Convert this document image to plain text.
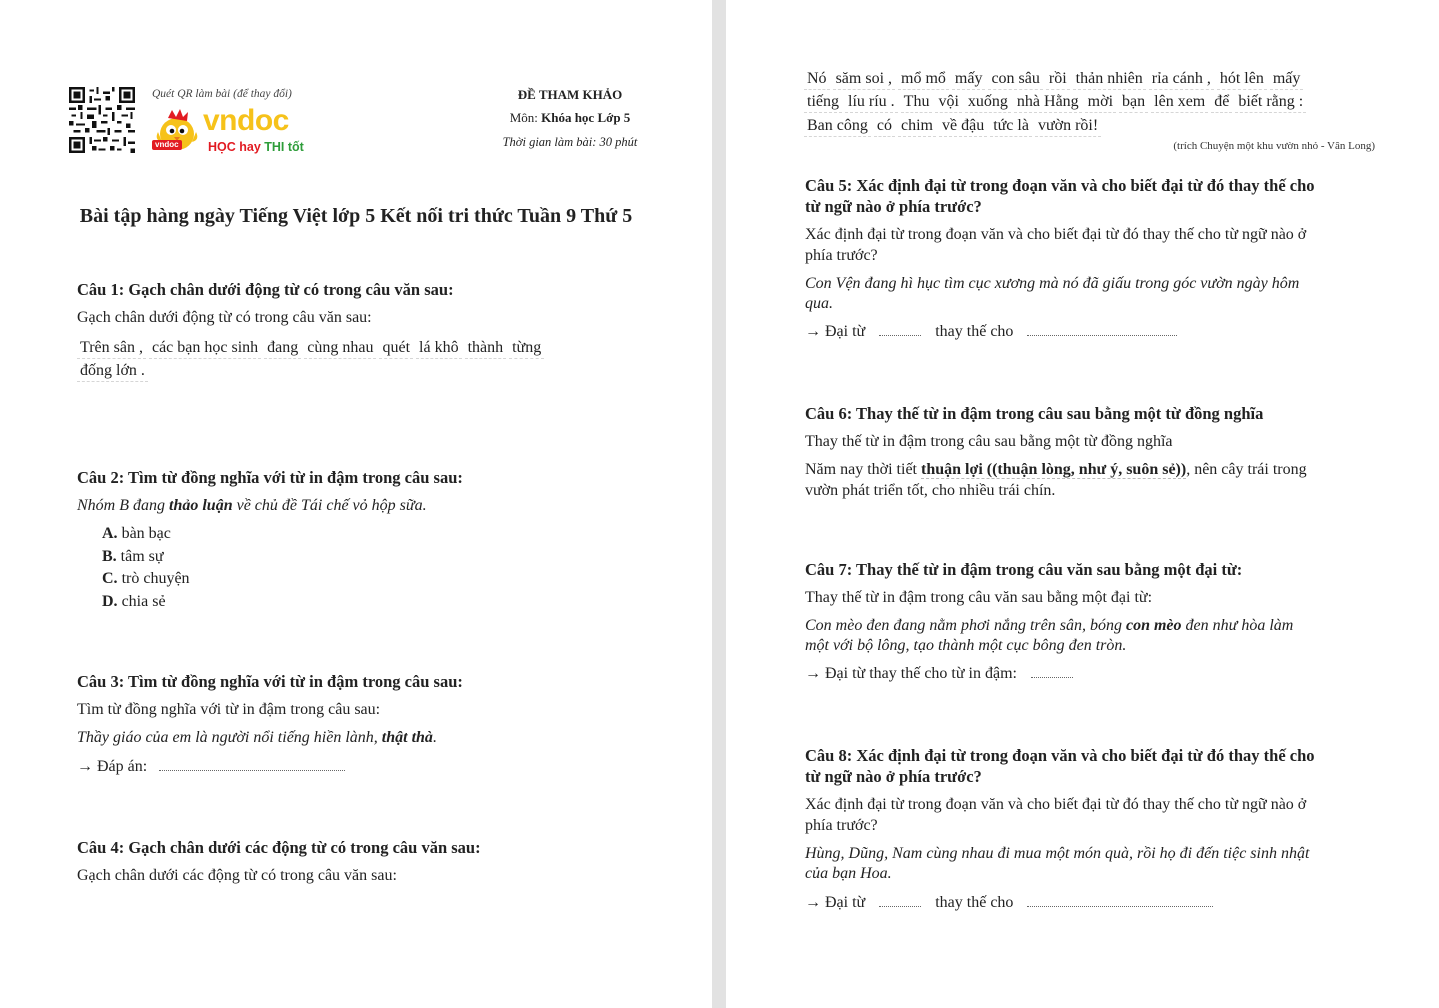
Quét QR làm bài (để thay đổi)
vndoc
vndoc
HỌC hay THI tốt
ĐỀ THAM KHẢO
Môn: Khóa học Lớp 5
Thời gian làm bài: 30 phút
Bài tập hàng ngày Tiếng Việt lớp 5 Kết nối tri thức Tuần 9 Thứ 5
Câu 1: Gạch chân dưới động từ có trong câu văn sau:
Gạch chân dưới động từ có trong câu văn sau:
Trên sân , các bạn học sinh đang cùng nhau quét lá khô thành từng
đống lớn .
Câu 2: Tìm từ đồng nghĩa với từ in đậm trong câu sau:
Nhóm B đang thảo luận về chủ đề Tái chế vỏ hộp sữa.
A. bàn bạc
B. tâm sự
C. trò chuyện
D. chia sẻ
Câu 3: Tìm từ đồng nghĩa với từ in đậm trong câu sau:
Tìm từ đồng nghĩa với từ in đậm trong câu sau:
Thầy giáo của em là người nổi tiếng hiền lành, thật thà.
→ Đáp án:
Câu 4: Gạch chân dưới các động từ có trong câu văn sau:
Gạch chân dưới các động từ có trong câu văn sau:
Nó săm soi , mổ mổ mấy con sâu rồi thản nhiên rỉa cánh , hót lên mấy
tiếng líu ríu . Thu vội xuống nhà Hằng mời bạn lên xem để biết rằng :
Ban công có chim về đậu tức là vườn rồi!
(trích Chuyện một khu vườn nhỏ - Vân Long)
Câu 5: Xác định đại từ trong đoạn văn và cho biết đại từ đó thay thế cho
từ ngữ nào ở phía trước?
Xác định đại từ trong đoạn văn và cho biết đại từ đó thay thế cho từ ngữ nào ở
phía trước?
Con Vện đang hì hục tìm cục xương mà nó đã giấu trong góc vườn ngày hôm
qua.
→ Đại từ	thay thế cho
Câu 6: Thay thế từ in đậm trong câu sau bằng một từ đồng nghĩa
Thay thế từ in đậm trong câu sau bằng một từ đồng nghĩa
Năm nay thời tiết thuận lợi ((thuận lòng, như ý, suôn sẻ)), nên cây trái trong
vườn phát triển tốt, cho nhiều trái chín.
Câu 7: Thay thế từ in đậm trong câu văn sau bằng một đại từ:
Thay thế từ in đậm trong câu văn sau bằng một đại từ:
Con mèo đen đang nằm phơi nắng trên sân, bóng con mèo đen như hòa làm
một với bộ lông, tạo thành một cục bông đen tròn.
→ Đại từ thay thế cho từ in đậm:
Câu 8: Xác định đại từ trong đoạn văn và cho biết đại từ đó thay thế cho
từ ngữ nào ở phía trước?
Xác định đại từ trong đoạn văn và cho biết đại từ đó thay thế cho từ ngữ nào ở
phía trước?
Hùng, Dũng, Nam cùng nhau đi mua một món quà, rồi họ đi đến tiệc sinh nhật
của bạn Hoa.
→ Đại từ	thay thế cho
